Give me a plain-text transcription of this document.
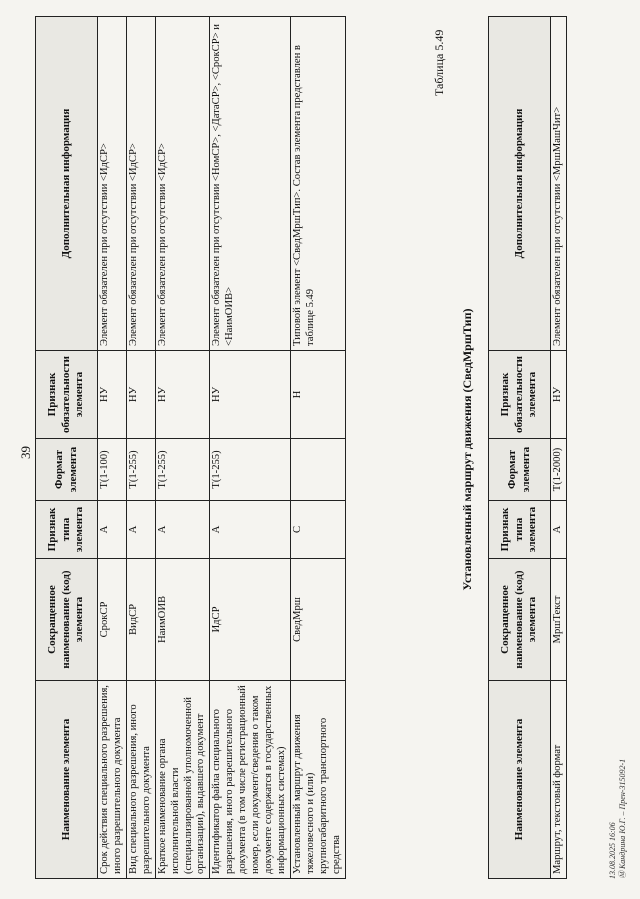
39
Наименование элемента	Сокращенное наименование (код) элемента	Признак типа элемента	Формат элемента	Признак обязательности элемента	Дополнительная информация
Срок действия специального разрешения, иного разрешительного документа	СрокСР	А	T(1-100)	НУ	Элемент обязателен при отсутствии <ИдСР>
Вид специального разрешения, иного разрешительного документа	ВидСР	А	T(1-255)	НУ	Элемент обязателен при отсутствии <ИдСР>
Краткое наименование органа исполнительной власти (специализированной уполномоченной организации), выдавшего документ	НаимОИВ	А	T(1-255)	НУ	Элемент обязателен при отсутствии <ИдСР>
Идентификатор файла специального разрешения, иного разрешительного документа (в том числе регистрационный номер, если документ/сведения о таком документе содержатся в государственных информационных системах)	ИдСР	А	T(1-255)	НУ	Элемент обязателен при отсутствии <НомСР>, <ДатаСР>, <СрокСР> и <НаимОИВ>
Установленный маршрут движения тяжеловесного и (или) крупногабаритного транспортного средства	СведМрш	С		Н	Типовой элемент <СведМршТип>. Состав элемента представлен в таблице 5.49
Таблица 5.49
Установленный маршрут движения (СведМршТип)
Наименование элемента	Сокращенное наименование (код) элемента	Признак типа элемента	Формат элемента	Признак обязательности элемента	Дополнительная информация
Маршрут, текстовый формат	МршТекст	А	T(1-2000)	НУ	Элемент обязателен при отсутствии <МршМашЧит>
13.08.2025 16:06 Ⓜ Кандрина Ю.Г. – Прен-315092-1
